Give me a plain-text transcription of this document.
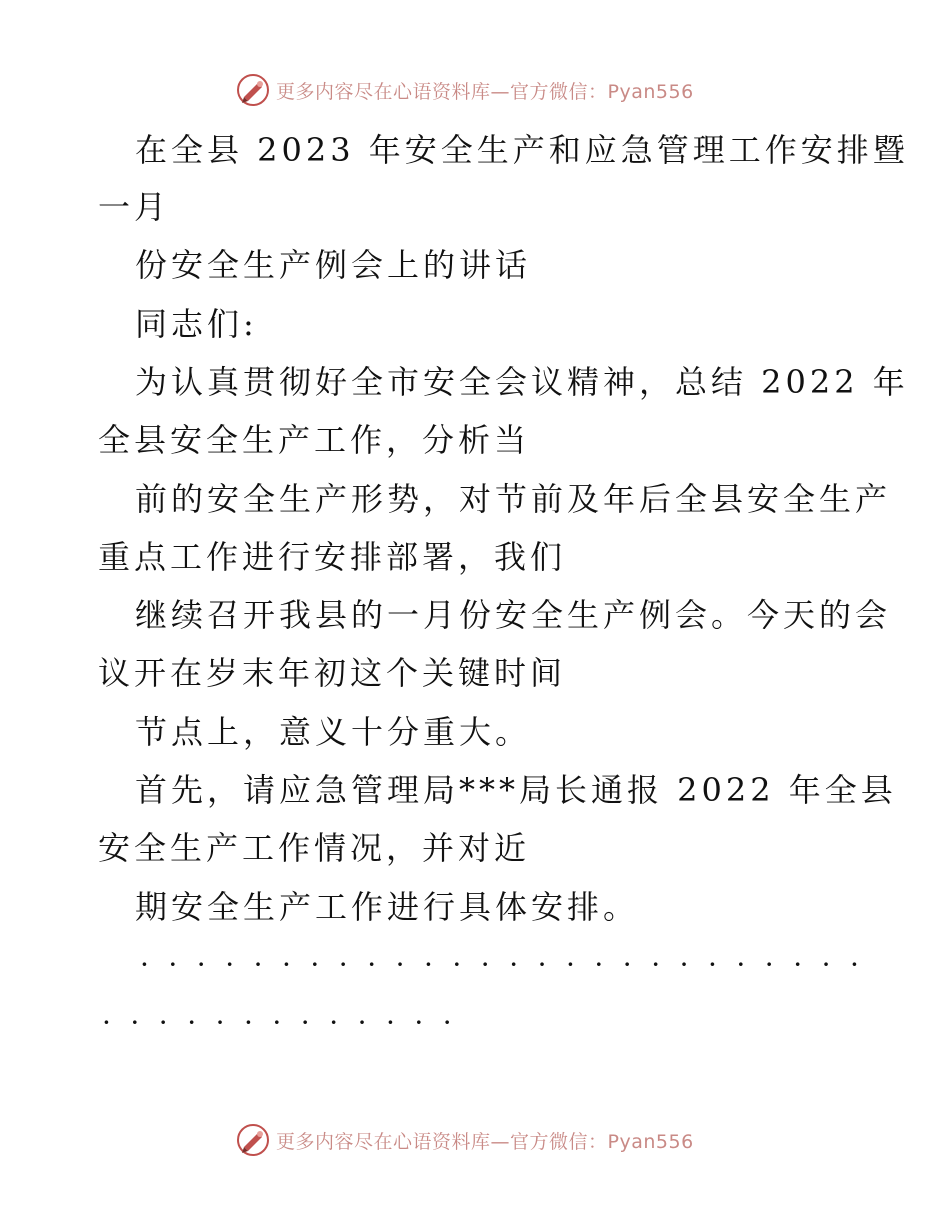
更多内容尽在心语资料库—官方微信：Pyan556
在全县 2023 年安全生产和应急管理工作安排暨
一月
份安全生产例会上的讲话
同志们:
为认真贯彻好全市安全会议精神，总结 2022 年
全县安全生产工作，分析当
前的安全生产形势，对节前及年后全县安全生产
重点工作进行安排部署，我们
继续召开我县的一月份安全生产例会。今天的会
议开在岁末年初这个关键时间
节点上，意义十分重大。
首先，请应急管理局***局长通报 2022 年全县
安全生产工作情况，并对近
期安全生产工作进行具体安排。
··························
·············
更多内容尽在心语资料库—官方微信：Pyan556
